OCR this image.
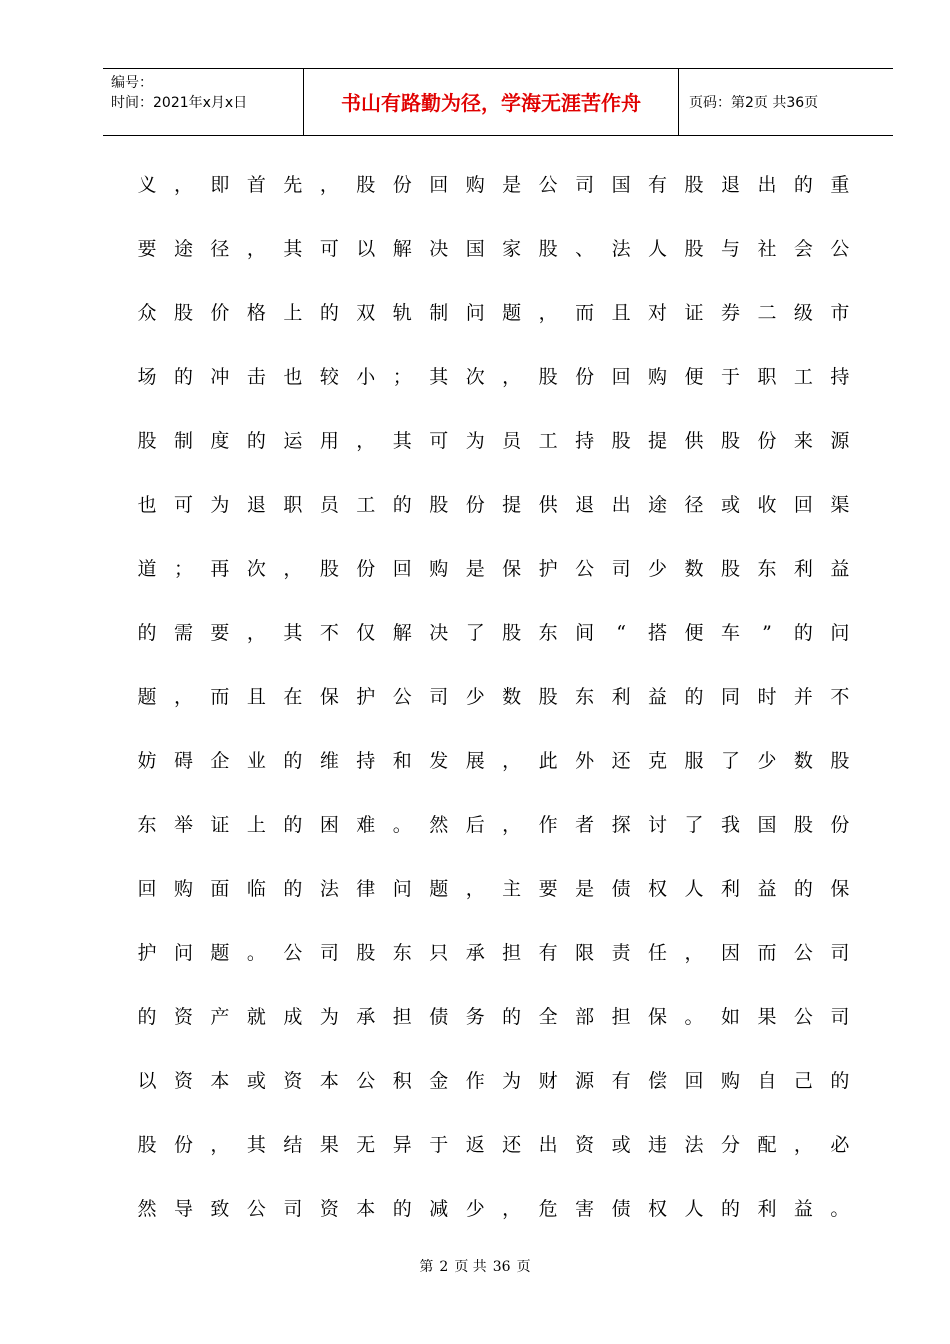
编号：
时间：2021年x月x日	书山有路勤为径，学海无涯苦作舟	页码：第2页 共36页
义 ， 即 首 先 ， 股 份 回 购 是 公 司 国 有 股 退 出 的 重
要 途 径 ， 其 可 以 解 决 国 家 股 、 法 人 股 与 社 会 公
众 股 价 格 上 的 双 轨 制 问 题 ， 而 且 对 证 券 二 级 市
场 的 冲 击 也 较 小 ； 其 次 ， 股 份 回 购 便 于 职 工 持
股 制 度 的 运 用 ， 其 可 为 员 工 持 股 提 供 股 份 来 源
也 可 为 退 职 员 工 的 股 份 提 供 退 出 途 径 或 收 回 渠
道 ； 再 次 ， 股 份 回 购 是 保 护 公 司 少 数 股 东 利 益
的 需 要 ， 其 不 仅 解 决 了 股 东 间 “ 搭 便 车 ” 的 问
题 ， 而 且 在 保 护 公 司 少 数 股 东 利 益 的 同 时 并 不
妨 碍 企 业 的 维 持 和 发 展 ， 此 外 还 克 服 了 少 数 股
东 举 证 上 的 困 难 。 然 后 ， 作 者 探 讨 了 我 国 股 份
回 购 面 临 的 法 律 问 题 ， 主 要 是 债 权 人 利 益 的 保
护 问 题 。 公 司 股 东 只 承 担 有 限 责 任 ， 因 而 公 司
的 资 产 就 成 为 承 担 债 务 的 全 部 担 保 。 如 果 公 司
以 资 本 或 资 本 公 积 金 作 为 财 源 有 偿 回 购 自 己 的
股 份 ， 其 结 果 无 异 于 返 还 出 资 或 违 法 分 配 ， 必
然 导 致 公 司 资 本 的 减 少 ， 危 害 债 权 人 的 利 益 。
第 2 页 共 36 页
